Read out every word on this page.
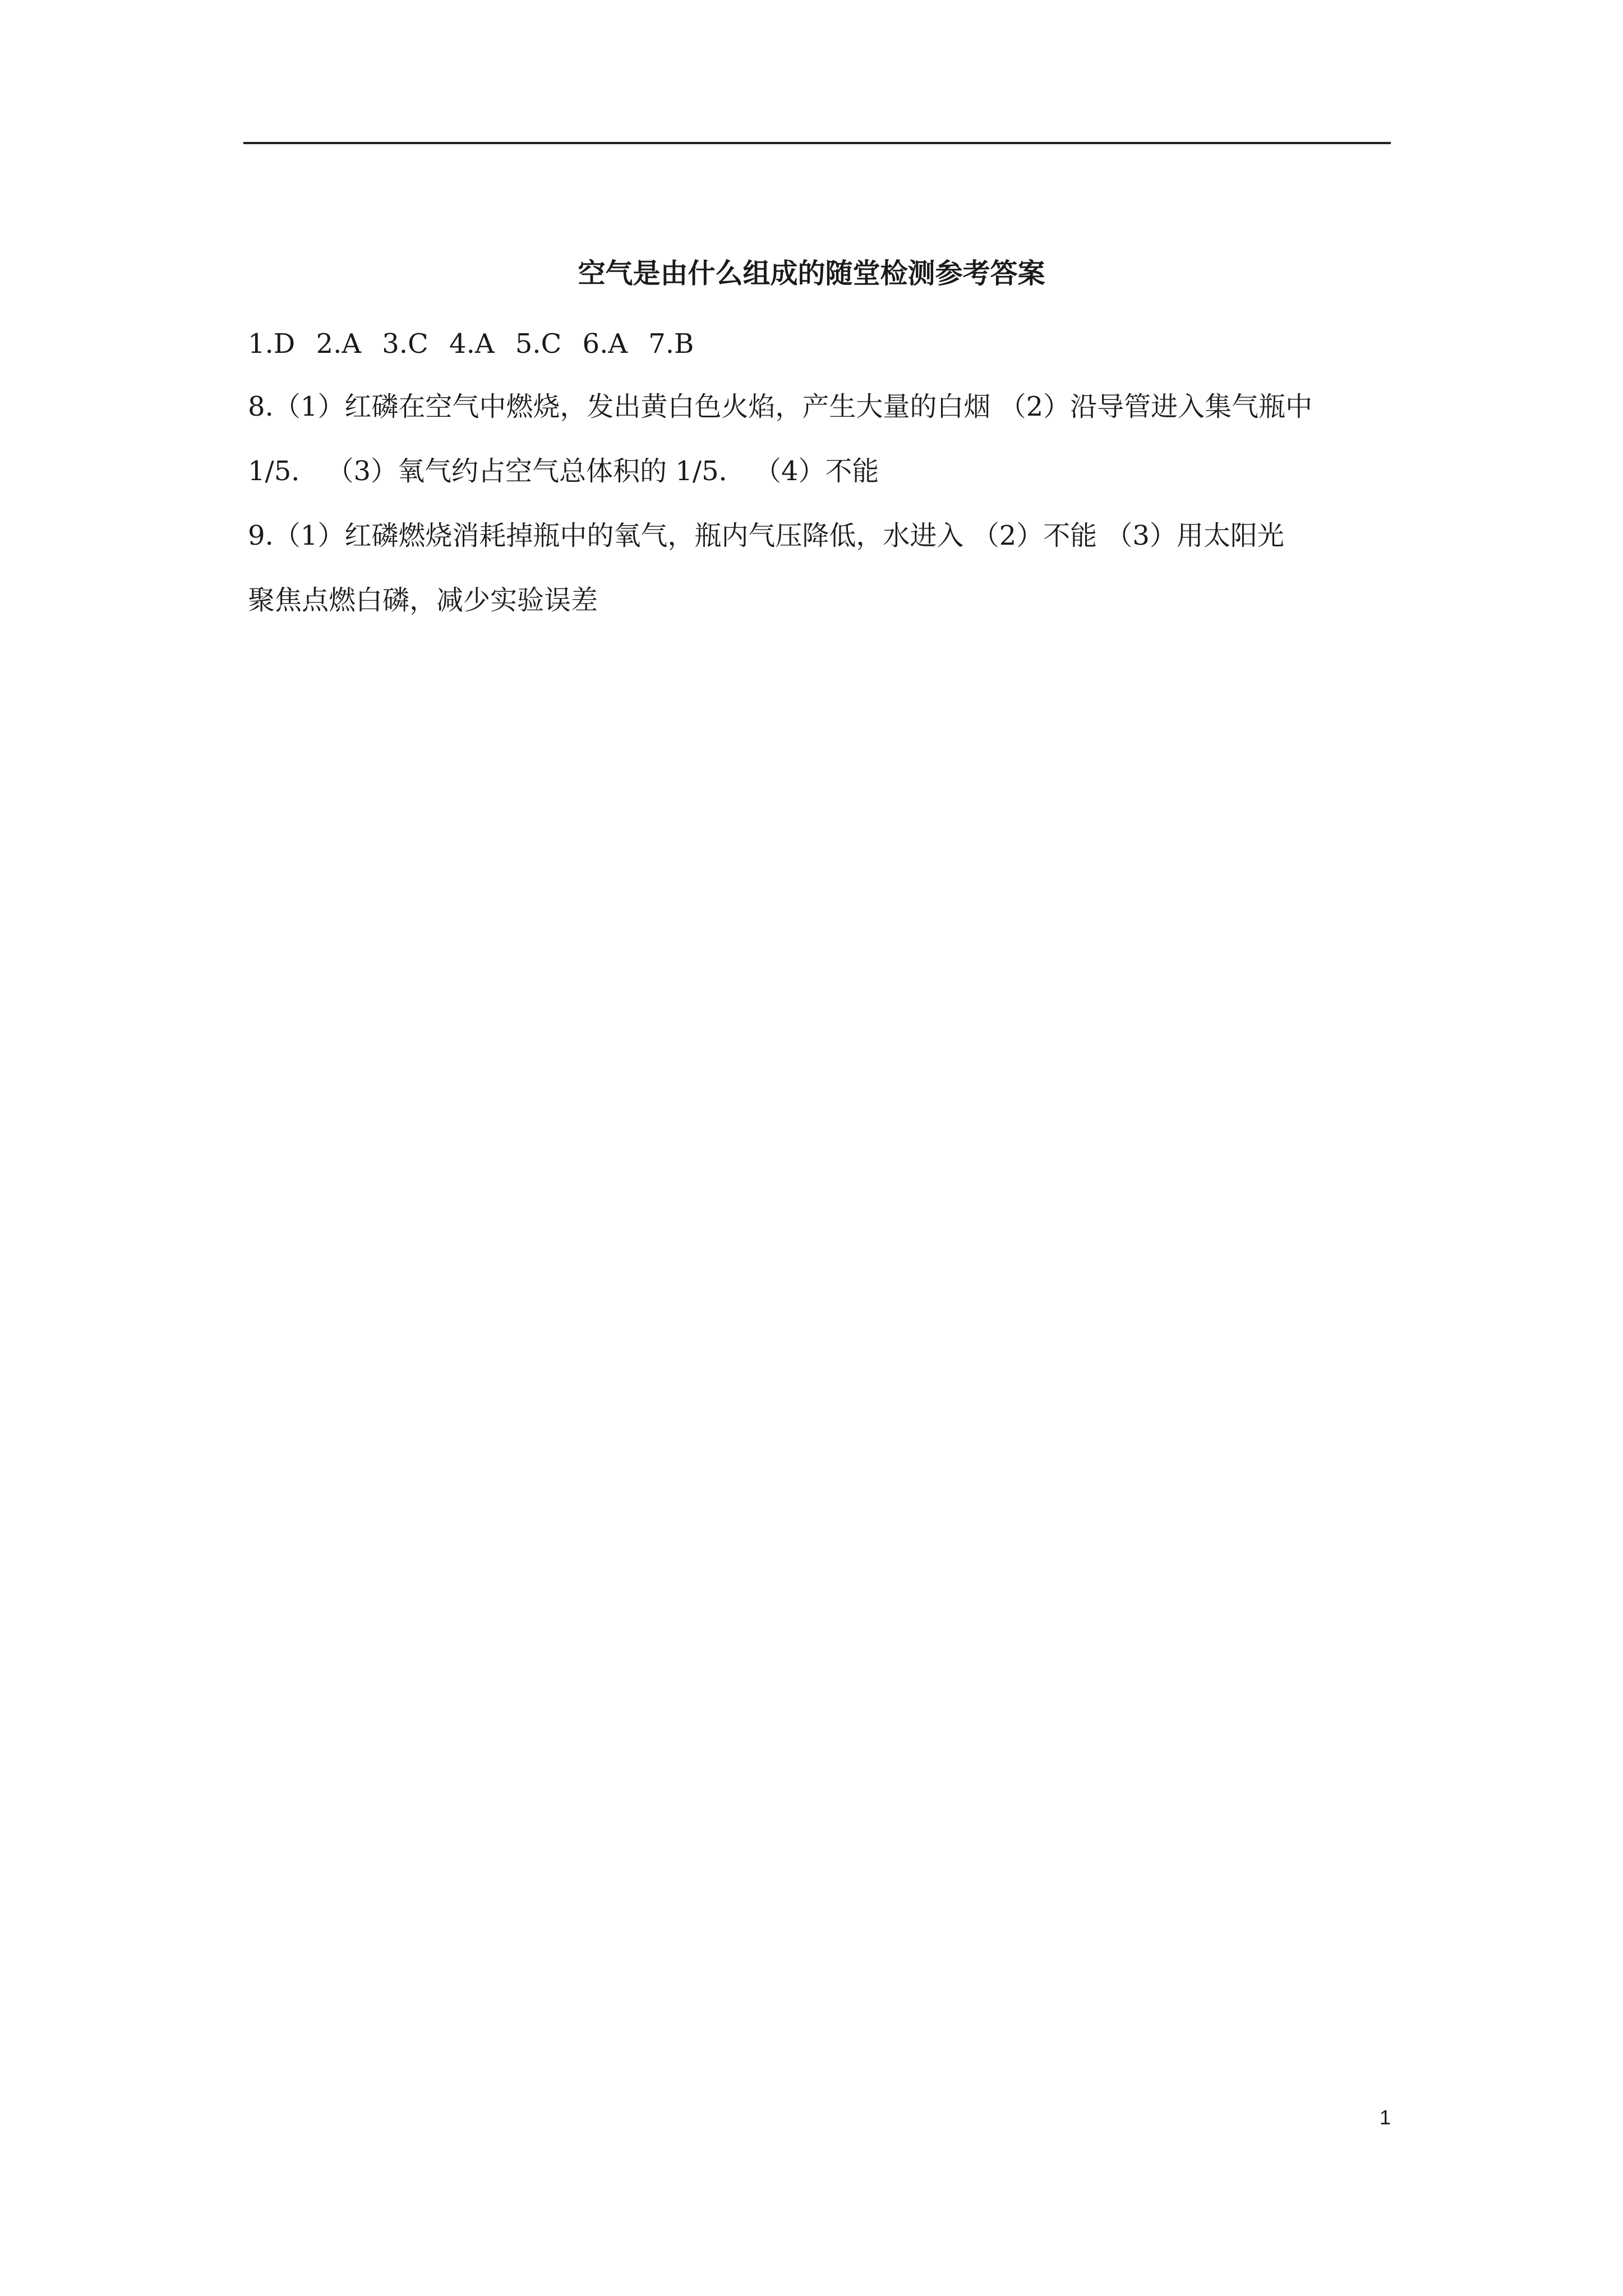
空气是由什么组成的随堂检测参考答案
1.D 2.A 3.C 4.A 5.C 6.A 7.B
8.（1）红磷在空气中燃烧，发出黄白色火焰，产生大量的白烟 （2）沿导管进入集气瓶中
1/5． （3）氧气约占空气总体积的 1/5． （4）不能
9.（1）红磷燃烧消耗掉瓶中的氧气，瓶内气压降低，水进入 （2）不能 （3）用太阳光
聚焦点燃白磷，减少实验误差
1
